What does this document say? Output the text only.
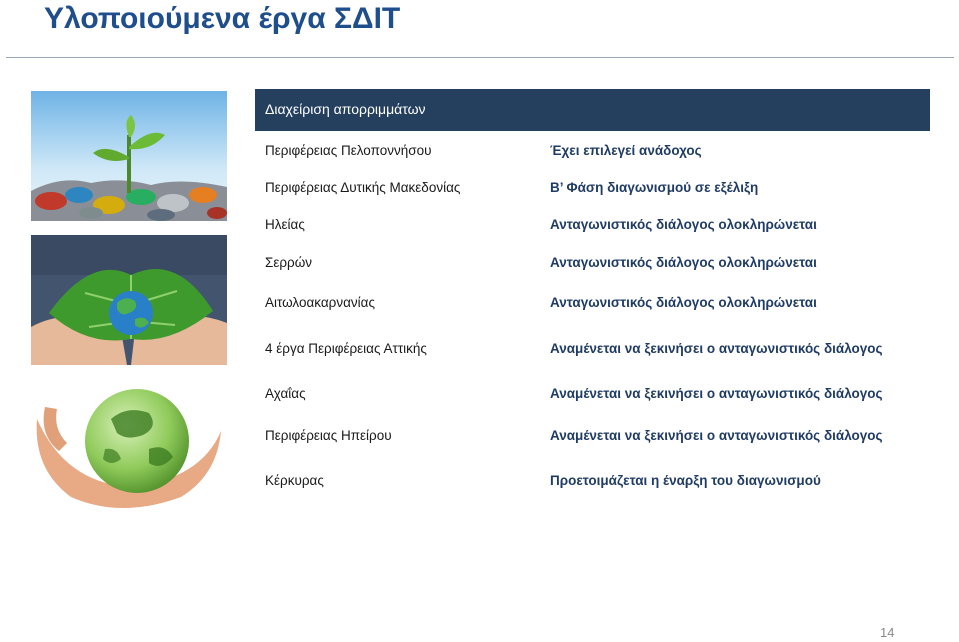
Υλοποιούμενα έργα ΣΔΙΤ
Διαχείριση απορριμμάτων
Περιφέρειας Πελοποννήσου	Έχει επιλεγεί ανάδοχος
Περιφέρειας Δυτικής Μακεδονίας	Β’ Φάση διαγωνισμού σε εξέλιξη
Ηλείας	Ανταγωνιστικός διάλογος ολοκληρώνεται
Σερρών	Ανταγωνιστικός διάλογος ολοκληρώνεται
Αιτωλοακαρνανίας	Ανταγωνιστικός διάλογος ολοκληρώνεται
4 έργα Περιφέρειας Αττικής	Αναμένεται να ξεκινήσει ο ανταγωνιστικός διάλογος
Αχαΐας	Αναμένεται να ξεκινήσει ο ανταγωνιστικός διάλογος
Περιφέρειας Ηπείρου	Αναμένεται να ξεκινήσει ο ανταγωνιστικός διάλογος
Κέρκυρας	Προετοιμάζεται η έναρξη του διαγωνισμού
14
